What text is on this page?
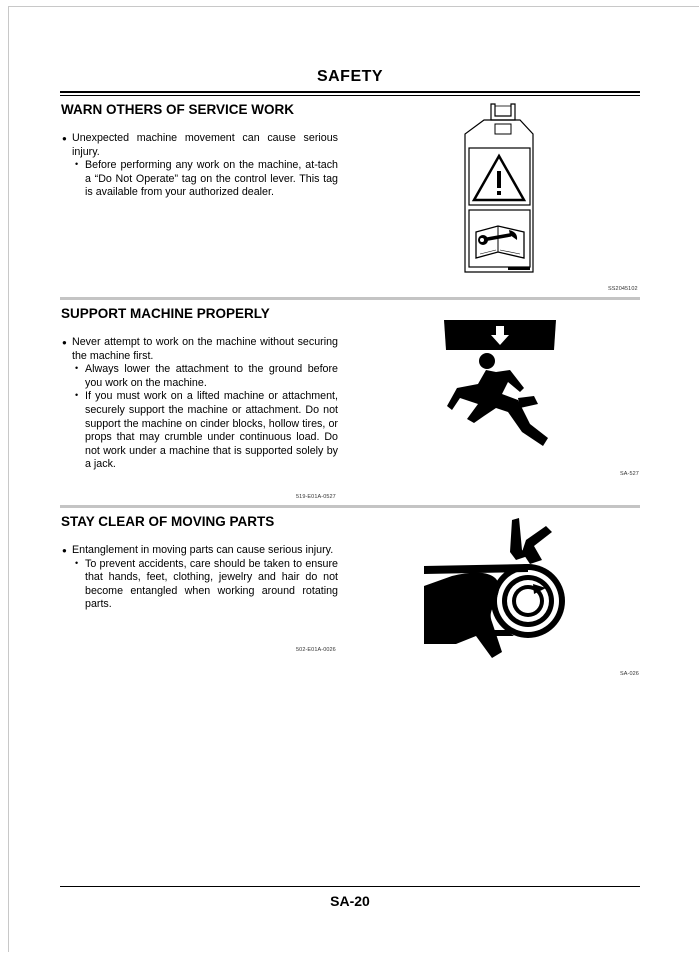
SAFETY
WARN OTHERS OF SERVICE WORK
● Unexpected machine movement can cause serious injury.
• Before performing any work on the machine, at-tach a “Do Not Operate” tag on the control lever. This tag is available from your authorized dealer.
SS2045102
SUPPORT MACHINE PROPERLY
● Never attempt to work on the machine without securing the machine first.
• Always lower the attachment to the ground before you work on the machine.
• If you must work on a lifted machine or attachment, securely support the machine or attachment. Do not support the machine on cinder blocks, hollow tires, or props that may crumble under continuous load. Do not work under a machine that is supported solely by a jack.
519-E01A-0527
SA-527
STAY CLEAR OF MOVING PARTS
● Entanglement in moving parts can cause serious injury.
• To prevent accidents, care should be taken to ensure that hands, feet, clothing, jewelry and hair do not become entangled when working around rotating parts.
502-E01A-0026
SA-026
SA-20
